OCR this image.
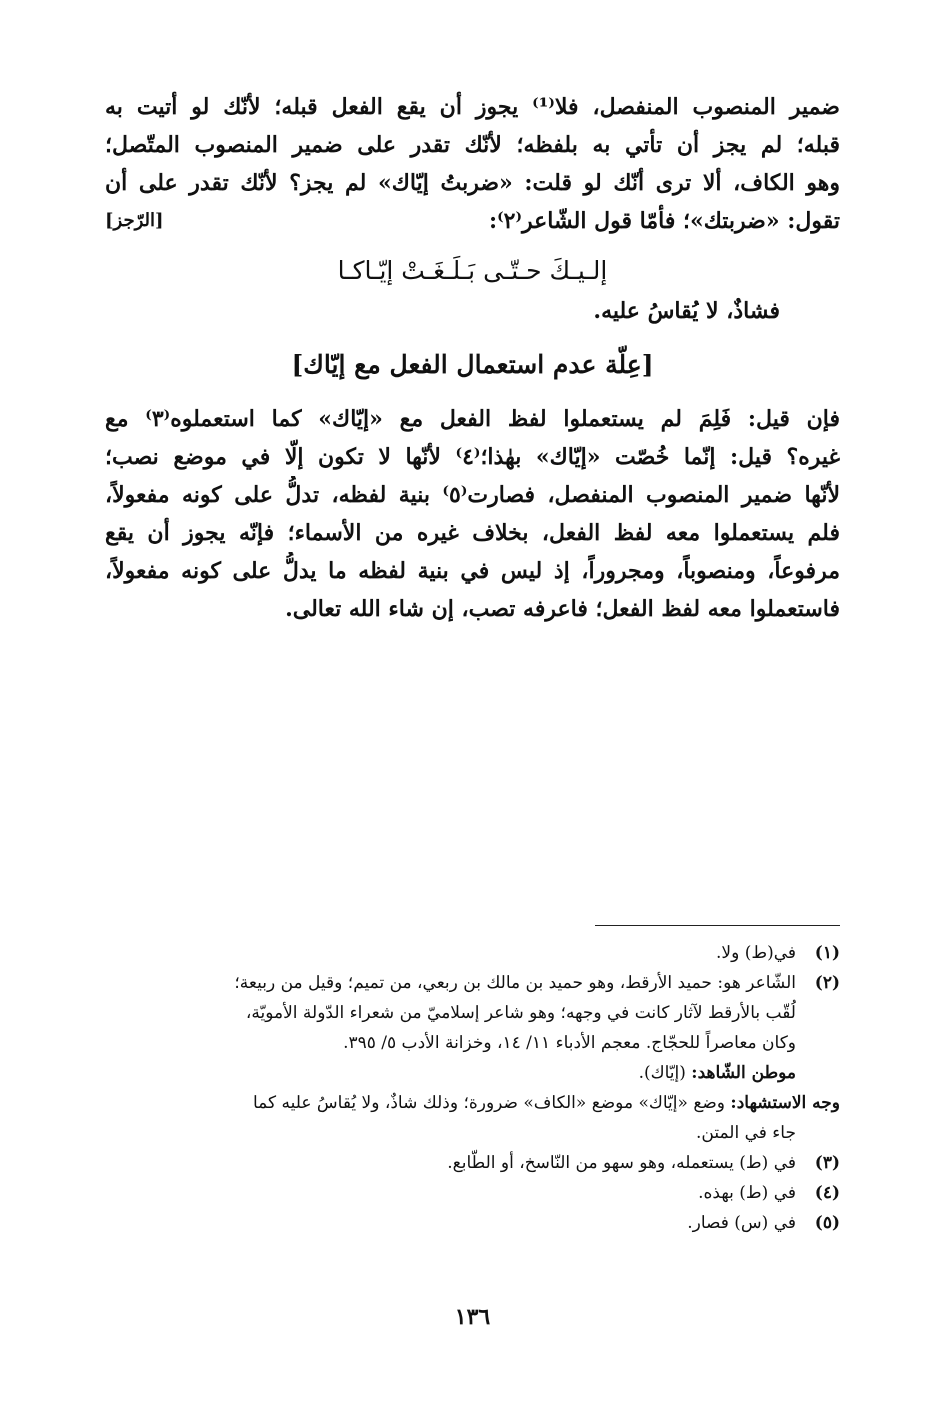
ضمير المنصوب المنفصل، فلا⁽¹⁾ يجوز أن يقع الفعل قبله؛ لأنّك لو أتيت به
قبله؛ لم يجز أن تأتي به بلفظه؛ لأنّك تقدر على ضمير المنصوب المتّصل؛
وهو الكاف، ألا ترى أنّك لو قلت: «ضربتُ إيّاك» لم يجز؟ لأنّك تقدر على أن
تقول: «ضربتك»؛ فأمّا قول الشّاعر⁽٢⁾:
[الرّجز]
إلـيـكَ حـتّـى بَـلَـغَـتْ إيّـاكـا
فشاذٌ، لا يُقاسُ عليه.
[عِلّة عدم استعمال الفعل مع إيّاك]
فإن قيل: فَلِمَ لم يستعملوا لفظ الفعل مع «إيّاك» كما استعملوه⁽٣⁾ مع
غيره؟ قيل: إنّما خُصّت «إيّاك» بهٰذا؛⁽٤⁾ لأنّها لا تكون إلّا في موضع نصب؛
لأنّها ضمير المنصوب المنفصل، فصارت⁽٥⁾ بنية لفظه، تدلُّ على كونه مفعولاً،
فلم يستعملوا معه لفظ الفعل، بخلاف غيره من الأسماء؛ فإنّه يجوز أن يقع
مرفوعاً، ومنصوباً، ومجروراً، إذ ليس في بنية لفظه ما يدلُّ على كونه مفعولاً،
فاستعملوا معه لفظ الفعل؛ فاعرفه تصب، إن شاء الله تعالى.
(١)
في(ط) ولا.
(٢)
الشّاعر هو: حميد الأرقط، وهو حميد بن مالك بن ربعي، من تميم؛ وقيل من ربيعة؛
لُقّب بالأرقط لآثار كانت في وجهه؛ وهو شاعر إسلاميّ من شعراء الدّولة الأمويّة،
وكان معاصراً للحجّاج. معجم الأدباء ١١/ ١٤، وخزانة الأدب ٥/ ٣٩٥.
موطن الشّاهد: (إيّاك).
وجه الاستشهاد: وضع «إيّاك» موضع «الكاف» ضرورة؛ وذلك شاذٌ، ولا يُقاسُ عليه كما
جاء في المتن.
(٣)
في (ط) يستعمله، وهو سهو من النّاسخ، أو الطّابع.
(٤)
في (ط) بهذه.
(٥)
في (س) فصار.
١٣٦
